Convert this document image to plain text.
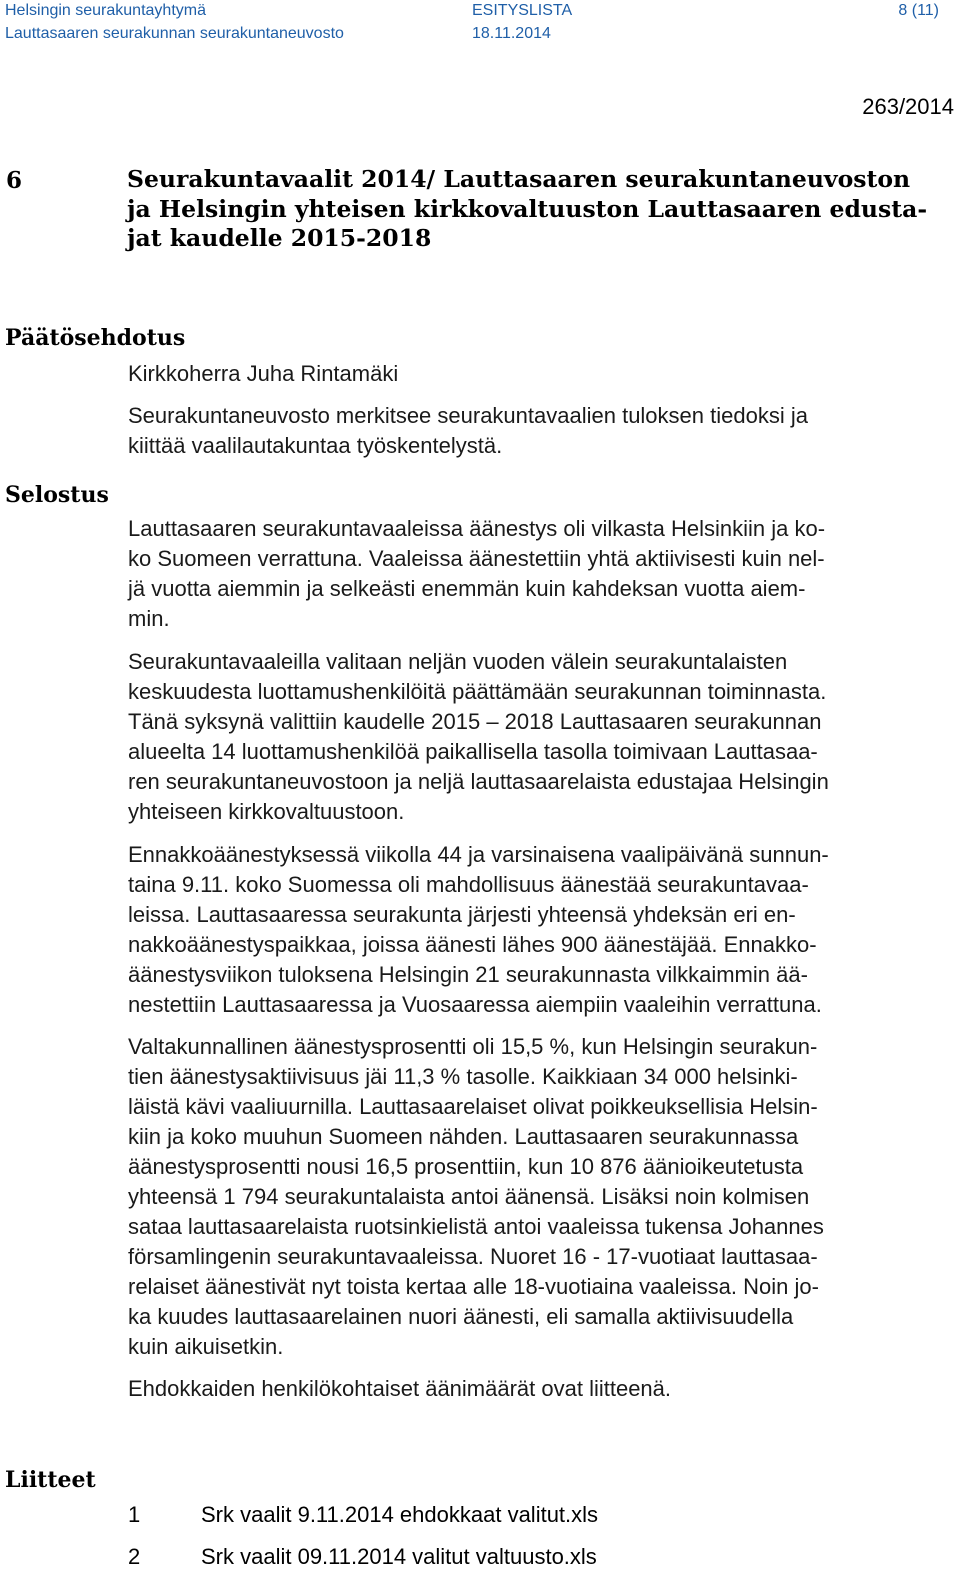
Helsingin seurakuntayhtymä
Lauttasaaren seurakunnan seurakuntaneuvosto
ESITYSLISTA
18.11.2014
8 (11)
263/2014
6	Seurakuntavaalit 2014/ Lauttasaaren seurakuntaneuvoston
ja Helsingin yhteisen kirkkovaltuuston Lauttasaaren edusta-
jat kaudelle 2015-2018
Päätösehdotus
Kirkkoherra Juha Rintamäki
Seurakuntaneuvosto merkitsee seurakuntavaalien tuloksen tiedoksi ja
kiittää vaalilautakuntaa työskentelystä.
Selostus
Lauttasaaren seurakuntavaaleissa äänestys oli vilkasta Helsinkiin ja ko-
ko Suomeen verrattuna. Vaaleissa äänestettiin yhtä aktiivisesti kuin nel-
jä vuotta aiemmin ja selkeästi enemmän kuin kahdeksan vuotta aiem-
min.
Seurakuntavaaleilla valitaan neljän vuoden välein seurakuntalaisten
keskuudesta luottamushenkilöitä päättämään seurakunnan toiminnasta.
Tänä syksynä valittiin kaudelle 2015 – 2018 Lauttasaaren seurakunnan
alueelta 14 luottamushenkilöä paikallisella tasolla toimivaan Lauttasaa-
ren seurakuntaneuvostoon ja neljä lauttasaarelaista edustajaa Helsingin
yhteiseen kirkkovaltuustoon.
Ennakkoäänestyksessä viikolla 44 ja varsinaisena vaalipäivänä sunnun-
taina 9.11. koko Suomessa oli mahdollisuus äänestää seurakuntavaa-
leissa. Lauttasaaressa seurakunta järjesti yhteensä yhdeksän eri en-
nakkoäänestyspaikkaa, joissa äänesti lähes 900 äänestäjää. Ennakko-
äänestysviikon tuloksena Helsingin 21 seurakunnasta vilkkaimmin ää-
nestettiin Lauttasaaressa ja Vuosaaressa aiempiin vaaleihin verrattuna.
Valtakunnallinen äänestysprosentti oli 15,5 %, kun Helsingin seurakun-
tien äänestysaktiivisuus jäi 11,3 % tasolle. Kaikkiaan 34 000 helsinki-
läistä kävi vaaliuurnilla. Lauttasaarelaiset olivat poikkeuksellisia Helsin-
kiin ja koko muuhun Suomeen nähden. Lauttasaaren seurakunnassa
äänestysprosentti nousi 16,5 prosenttiin, kun 10 876 äänioikeutetusta
yhteensä 1 794 seurakuntalaista antoi äänensä. Lisäksi noin kolmisen
sataa lauttasaarelaista ruotsinkielistä antoi vaaleissa tukensa Johannes
församlingenin seurakuntavaaleissa. Nuoret 16 - 17-vuotiaat lauttasaa-
relaiset äänestivät nyt toista kertaa alle 18-vuotiaina vaaleissa. Noin jo-
ka kuudes lauttasaarelainen nuori äänesti, eli samalla aktiivisuudella
kuin aikuisetkin.
Ehdokkaiden henkilökohtaiset äänimäärät ovat liitteenä.
Liitteet
1	Srk vaalit 9.11.2014 ehdokkaat valitut.xls
2	Srk vaalit 09.11.2014 valitut valtuusto.xls
